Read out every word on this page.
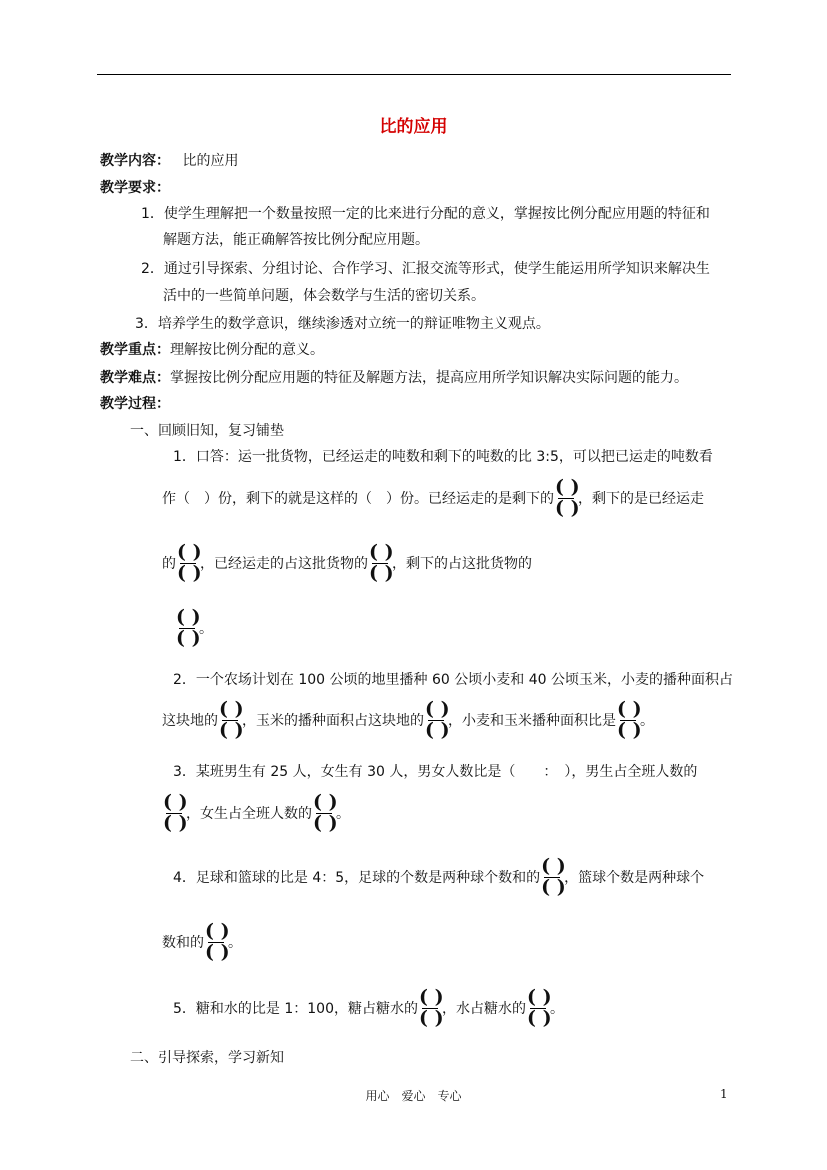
比的应用
教学内容： 比的应用
教学要求：
1．使学生理解把一个数量按照一定的比来进行分配的意义，掌握按比例分配应用题的特征和
解题方法，能正确解答按比例分配应用题。
2．通过引导探索、分组讨论、合作学习、汇报交流等形式，使学生能运用所学知识来解决生
活中的一些简单问题，体会数学与生活的密切关系。
3．培养学生的数学意识，继续渗透对立统一的辩证唯物主义观点。
教学重点：理解按比例分配的意义。
教学难点：掌握按比例分配应用题的特征及解题方法，提高应用所学知识解决实际问题的能力。
教学过程：
一、回顾旧知，复习铺垫
1．口答：运一批货物，已经运走的吨数和剩下的吨数的比 3:5，可以把已运走的吨数看
作（　）份，剩下的就是这样的（　）份。已经运走的是剩下的
( )
( )
，剩下的是已经运走
的
( )
( )
，已经运走的占这批货物的
( )
( )
，剩下的占这批货物的
( )
( )
。
2．一个农场计划在 100 公顷的地里播种 60 公顷小麦和 40 公顷玉米，小麦的播种面积占
这块地的
( )
( )
，玉米的播种面积占这块地的
( )
( )
，小麦和玉米播种面积比是
( )
( )
。
3．某班男生有 25 人，女生有 30 人，男女人数比是（　　：　），男生占全班人数的
( )
( )
，女生占全班人数的
( )
( )
。
4．足球和篮球的比是 4：5，足球的个数是两种球个数和的
( )
( )
，篮球个数是两种球个
数和的
( )
( )
。
5．糖和水的比是 1：100，糖占糖水的
( )
( )
，水占糖水的
( )
( )
。
二、引导探索，学习新知
用心　爱心　专心	1
